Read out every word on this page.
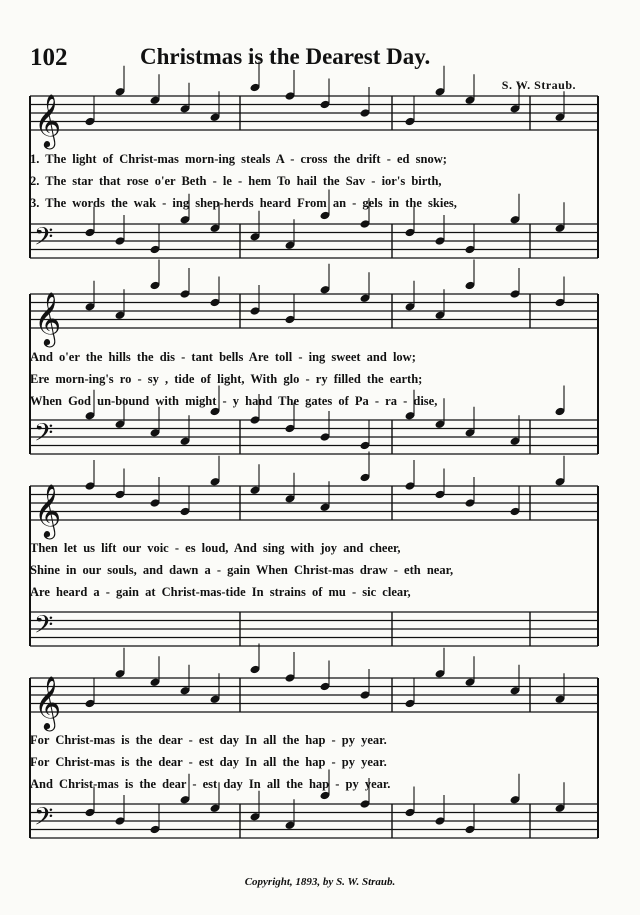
102	Christmas is the Dearest Day.
S. W. Straub.
𝄞
𝄢
𝄞
𝄢
𝄞
𝄢
𝄞
𝄢
1. The light of Christ-mas morn-ing steals A - cross the drift - ed snow;
2. The star that rose o'er Beth - le - hem To hail the Sav - ior's birth,
3. The words the wak - ing shep-herds heard From an - gels in the skies,
And o'er the hills the dis - tant bells Are toll - ing sweet and low;
Ere morn-ing's ro - sy , tide of light, With glo - ry filled the earth;
When God un-bound with might - y hand The gates of Pa - ra - dise,
Then let us lift our voic - es loud, And sing with joy and cheer,
Shine in our souls, and dawn a - gain When Christ-mas draw - eth near,
Are heard a - gain at Christ-mas-tide In strains of mu - sic clear,
For Christ-mas is the dear - est day In all the hap - py year.
For Christ-mas is the dear - est day In all the hap - py year.
And Christ-mas is the dear - est day In all the hap - py year.
Copyright, 1893, by S. W. Straub.
